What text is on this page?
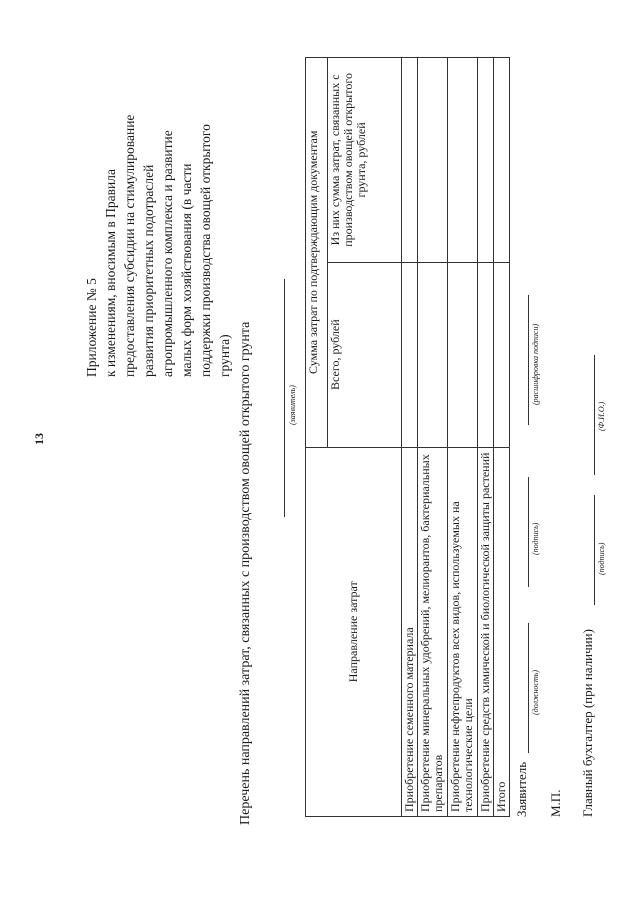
13
Приложение № 5 к изменениям, вносимым в Правила предоставления субсидии на стимулирование развития приоритетных подотраслей агропромышленного комплекса и развитие малых форм хозяйствования (в части поддержки производства овощей открытого грунта) Перечень направлений затрат, связанных с производством овощей открытого грунта	(заявитель)
Направление затрат	Сумма затрат по подтверждающим документам	
	Всего, рублей	Из них сумма затрат, связанных с производством овощей открытого грунта, рублей
Приобретение семенного материала		
Приобретение минеральных удобрений, мелиорантов, бактериальных препаратов		
Приобретение нефтепродуктов всех видов, используемых на технологические цели		
Приобретение средств химической и биологической защиты растений		
Итого		Заявитель
(должность)
(подпись)
(расшифровка подписи)
М.П. Главный бухгалтер (при наличии)
(подпись)
(Ф.И.О.)
